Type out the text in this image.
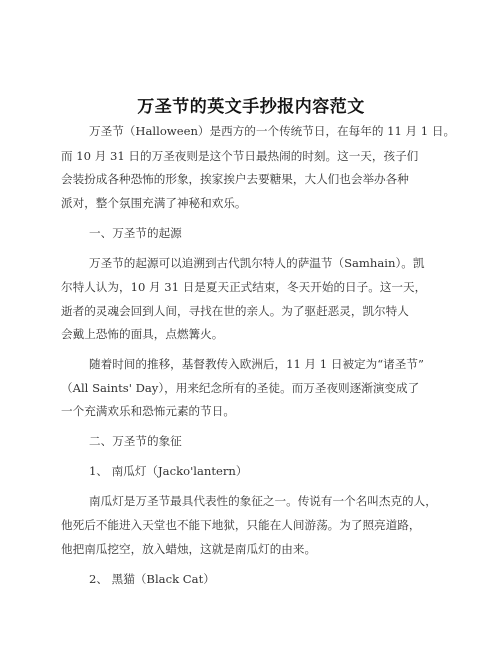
万圣节的英文手抄报内容范文
万圣节（Halloween）是西方的一个传统节日，在每年的 11 月 1 日。
而 10 月 31 日的万圣夜则是这个节日最热闹的时刻。这一天，孩子们
会装扮成各种恐怖的形象，挨家挨户去要糖果，大人们也会举办各种
派对，整个氛围充满了神秘和欢乐。
一、万圣节的起源
万圣节的起源可以追溯到古代凯尔特人的萨温节（Samhain）。凯
尔特人认为，10 月 31 日是夏天正式结束，冬天开始的日子。这一天，
逝者的灵魂会回到人间，寻找在世的亲人。为了驱赶恶灵，凯尔特人
会戴上恐怖的面具，点燃篝火。
随着时间的推移，基督教传入欧洲后，11 月 1 日被定为“诸圣节”
（All Saints' Day），用来纪念所有的圣徒。而万圣夜则逐渐演变成了
一个充满欢乐和恐怖元素的节日。
二、万圣节的象征
1、 南瓜灯（Jacko'lantern）
南瓜灯是万圣节最具代表性的象征之一。传说有一个名叫杰克的人，
他死后不能进入天堂也不能下地狱，只能在人间游荡。为了照亮道路，
他把南瓜挖空，放入蜡烛，这就是南瓜灯的由来。
2、 黑猫（Black Cat）
